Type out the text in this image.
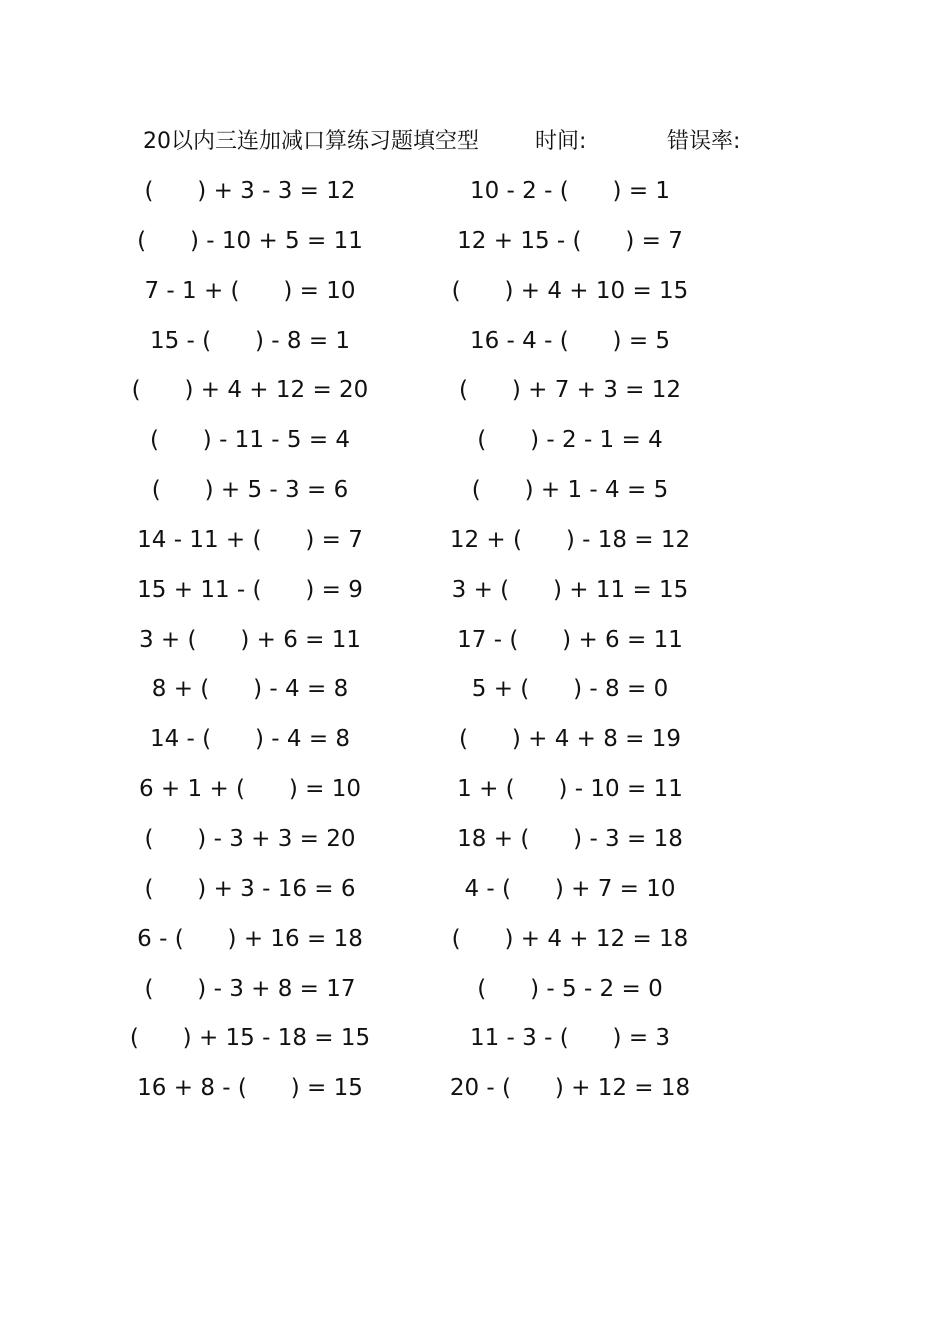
20以内三连加减口算练习题填空型	时间:	错误率:
(      ) + 3 - 3 = 12
(      ) - 10 + 5 = 11
7 - 1 + (      ) = 10
15 - (      ) - 8 = 1
(      ) + 4 + 12 = 20
(      ) - 11 - 5 = 4
(      ) + 5 - 3 = 6
14 - 11 + (      ) = 7
15 + 11 - (      ) = 9
3 + (      ) + 6 = 11
8 + (      ) - 4 = 8
14 - (      ) - 4 = 8
6 + 1 + (      ) = 10
(      ) - 3 + 3 = 20
(      ) + 3 - 16 = 6
6 - (      ) + 16 = 18
(      ) - 3 + 8 = 17
(      ) + 15 - 18 = 15
16 + 8 - (      ) = 15
10 - 2 - (      ) = 1
12 + 15 - (      ) = 7
(      ) + 4 + 10 = 15
16 - 4 - (      ) = 5
(      ) + 7 + 3 = 12
(      ) - 2 - 1 = 4
(      ) + 1 - 4 = 5
12 + (      ) - 18 = 12
3 + (      ) + 11 = 15
17 - (      ) + 6 = 11
5 + (      ) - 8 = 0
(      ) + 4 + 8 = 19
1 + (      ) - 10 = 11
18 + (      ) - 3 = 18
4 - (      ) + 7 = 10
(      ) + 4 + 12 = 18
(      ) - 5 - 2 = 0
11 - 3 - (      ) = 3
20 - (      ) + 12 = 18
